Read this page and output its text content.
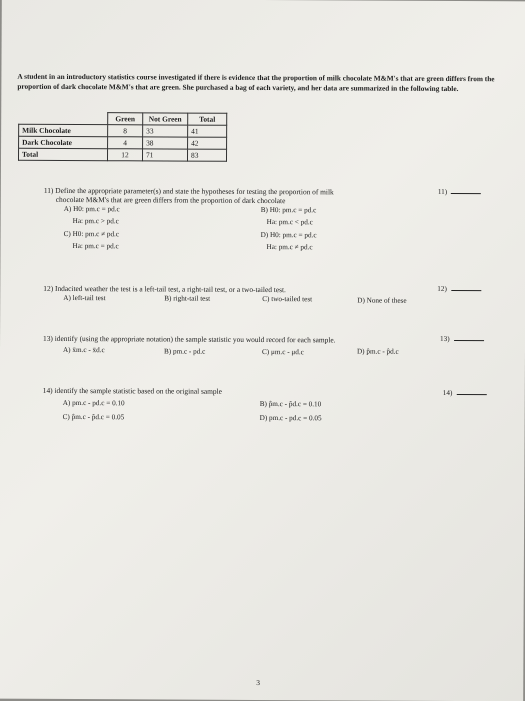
A student in an introductory statistics course investigated if there is evidence that the proportion of milk chocolate M&M's that are green differs from the proportion of dark chocolate M&M's that are green. She purchased a bag of each variety, and her data are summarized in the following table.
	Green	Not Green	Total
Milk Chocolate	8	33	41
Dark Chocolate	4	38	42
Total	12	71	83
11) Define the appropriate parameter(s) and state the hypotheses for testing the proportion of milk
chocolate M&M's that are green differs from the proportion of dark chocolate
11)
A) H0: pm.c = pd.c
Ha: pm.c > pd.c
C) H0: pm.c ≠ pd.c
Ha: pm.c = pd.c
B) H0: pm.c = pd.c
Ha: pm.c < pd.c
D) H0: pm.c = pd.c
Ha: pm.c ≠ pd.c
12) Indacited weather the test is a left-tail test, a right-tail test, or a two-tailed test.	12)
A) left-tail test	B) right-tail test	C) two-tailed test	D) None of these
13) identify (using the appropriate notation) the sample statistic you would record for each sample.	13)
A) x̄m.c - x̄d.c	B) pm.c - pd.c	C) μm.c - μd.c	D) p̂m.c - p̂d.c
14) identify the sample statistic based on the original sample	14)
A) pm.c - pd.c = 0.10
C) p̂m.c - p̂d.c = 0.05
B) p̂m.c - p̂d.c = 0.10
D) pm.c - pd.c = 0.05
3
